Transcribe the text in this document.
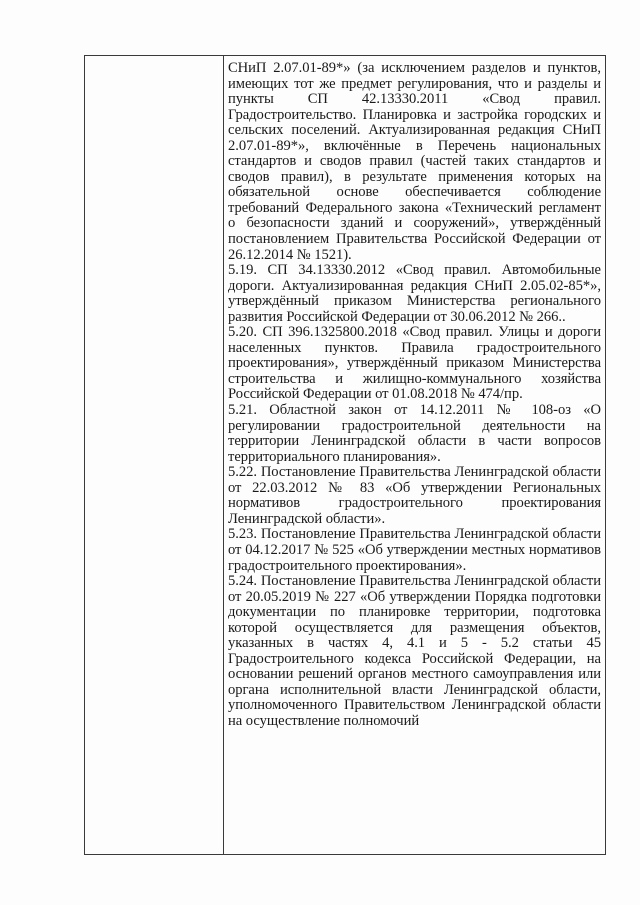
СНиП 2.07.01-89*» (за исключением разделов и пунктов, имеющих тот же предмет регулирования, что и разделы и пункты СП 42.13330.2011 «Свод правил. Градостроительство. Планировка и застройка городских и сельских поселений. Актуализированная редакция СНиП 2.07.01-89*», включённые в Перечень национальных стандартов и сводов правил (частей таких стандартов и сводов правил), в результате применения которых на обязательной основе обеспечивается соблюдение требований Федерального закона «Технический регламент о безопасности зданий и сооружений», утверждённый постановлением Правительства Российской Федерации от 26.12.2014 № 1521).

5.19. СП 34.13330.2012 «Свод правил. Автомобильные дороги. Актуализированная редакция СНиП 2.05.02-85*», утверждённый приказом Министерства регионального развития Российской Федерации от 30.06.2012 № 266..

5.20. СП 396.1325800.2018 «Свод правил. Улицы и дороги населенных пунктов. Правила градостроительного проектирования», утверждённый приказом Министерства строительства и жилищно-коммунального хозяйства Российской Федерации от 01.08.2018 № 474/пр.

5.21. Областной закон от 14.12.2011 № 108-оз «О регулировании градостроительной деятельности на территории Ленинградской области в части вопросов территориального планирования».

5.22. Постановление Правительства Ленинградской области от 22.03.2012 № 83 «Об утверждении Региональных нормативов градостроительного проектирования Ленинградской области».

5.23. Постановление Правительства Ленинградской области от 04.12.2017 № 525 «Об утверждении местных нормативов градостроительного проектирования».

5.24. Постановление Правительства Ленинградской области от 20.05.2019 № 227 «Об утверждении Порядка подготовки документации по планировке территории, подготовка которой осуществляется для размещения объектов, указанных в частях 4, 4.1 и 5 - 5.2 статьи 45 Градостроительного кодекса Российской Федерации, на основании решений органов местного самоуправления или органа исполнительной власти Ленинградской области, уполномоченного Правительством Ленинградской области на осуществление полномочий
